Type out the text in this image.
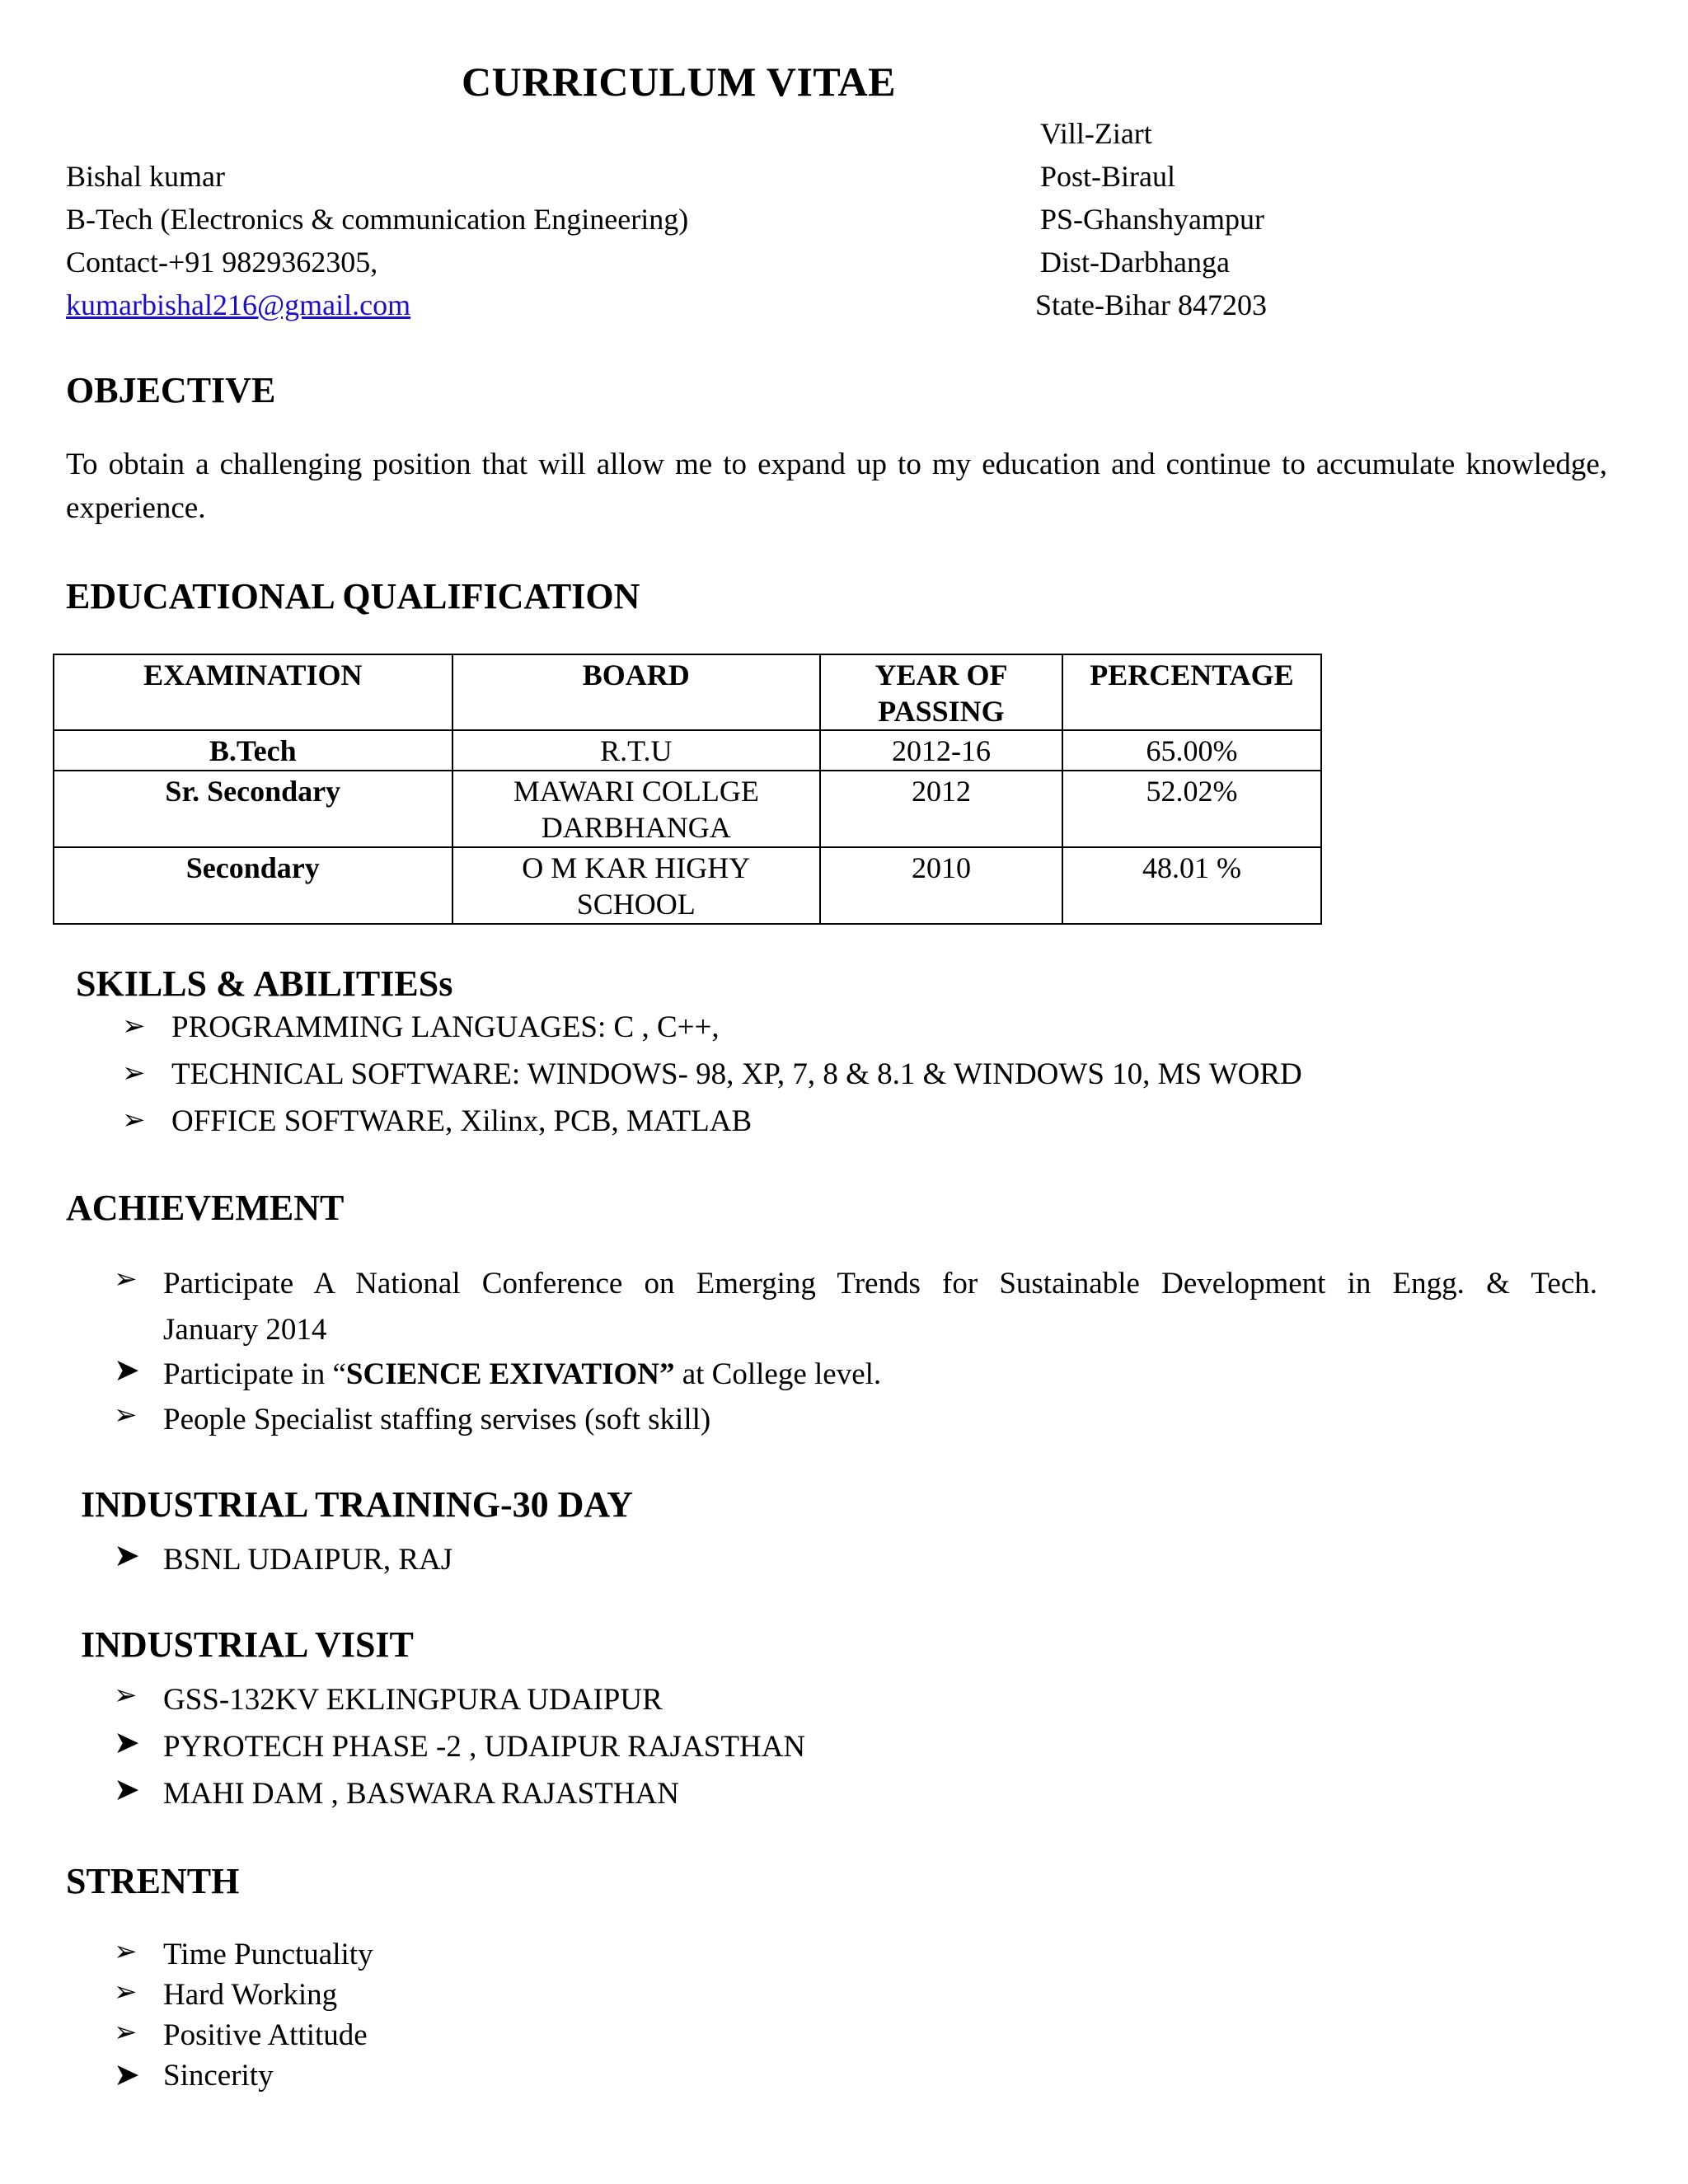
CURRICULUM VITAE
Bishal kumar
B-Tech (Electronics & communication Engineering)
Contact-+91 9829362305,
kumarbishal216@gmail.com
Vill-Ziart
Post-Biraul
PS-Ghanshyampur
Dist-Darbhanga
State-Bihar 847203
OBJECTIVE
To obtain a challenging position that will allow me to expand up to my education and continue to accumulate knowledge, experience.
EDUCATIONAL QUALIFICATION
EXAMINATION	BOARD	YEAR OF PASSING	PERCENTAGE
B.Tech	R.T.U	2012-16	65.00%
Sr. Secondary	MAWARI COLLGE DARBHANGA	2012	52.02%
Secondary	O M KAR HIGHY SCHOOL	2010	48.01 %
SKILLS & ABILITIESs
➢ PROGRAMMING LANGUAGES: C , C++,
➢ TECHNICAL SOFTWARE: WINDOWS- 98, XP, 7, 8 & 8.1 & WINDOWS 10, MS WORD
➢ OFFICE SOFTWARE, Xilinx, PCB, MATLAB
ACHIEVEMENT
➢ Participate A National Conference on Emerging Trends for Sustainable Development in Engg. & Tech.
January 2014
➤ Participate in “SCIENCE EXIVATION” at College level.
➢ People Specialist staffing servises (soft skill)
INDUSTRIAL TRAINING-30 DAY
➤ BSNL UDAIPUR, RAJ
INDUSTRIAL VISIT
➢ GSS-132KV EKLINGPURA UDAIPUR
➤ PYROTECH PHASE -2 , UDAIPUR RAJASTHAN
➤ MAHI DAM , BASWARA RAJASTHAN
STRENTH
➢ Time Punctuality
➢ Hard Working
➢ Positive Attitude
➤ Sincerity
